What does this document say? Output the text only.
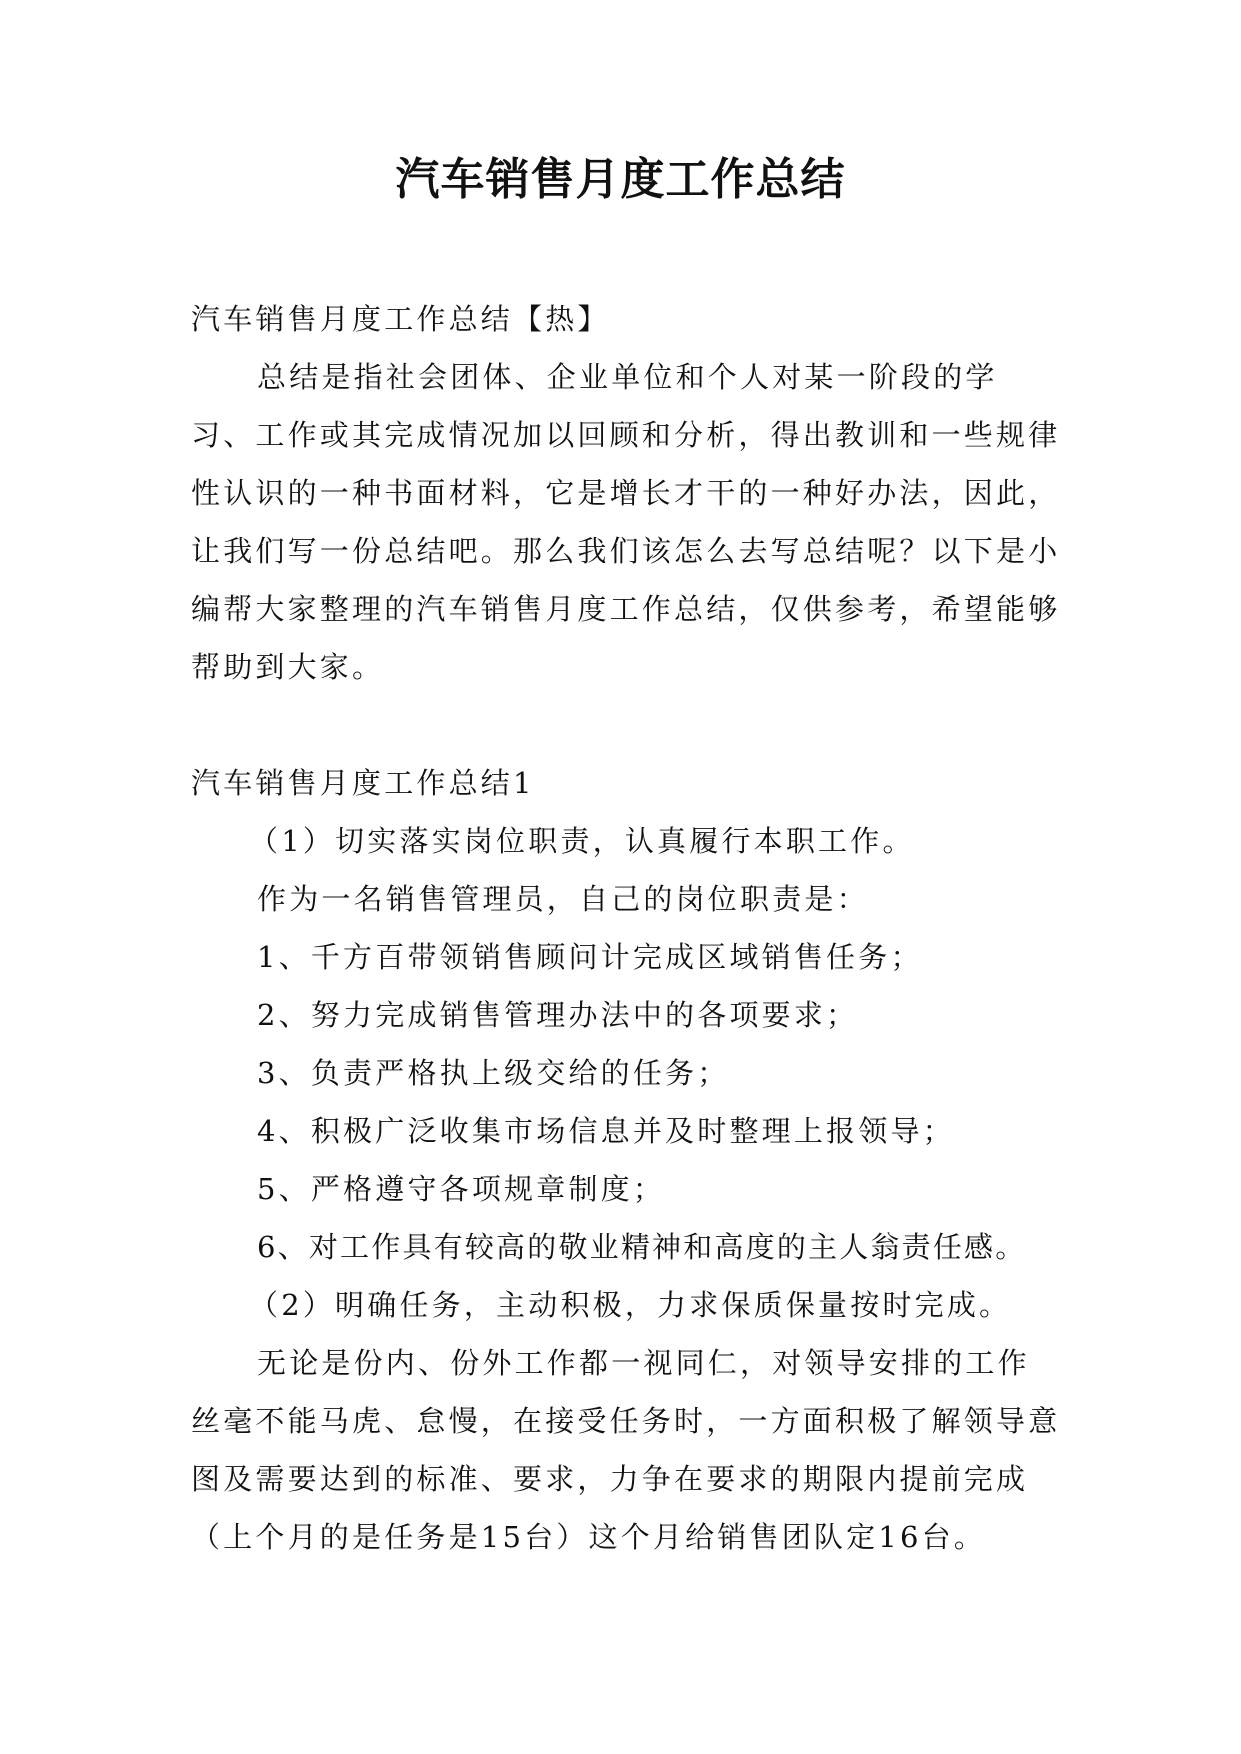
汽车销售月度工作总结

汽车销售月度工作总结【热】

总结是指社会团体、企业单位和个人对某一阶段的学习、工作或其完成情况加以回顾和分析，得出教训和一些规律性认识的一种书面材料，它是增长才干的一种好办法，因此，让我们写一份总结吧。那么我们该怎么去写总结呢？以下是小编帮大家整理的汽车销售月度工作总结，仅供参考，希望能够帮助到大家。

汽车销售月度工作总结1

（1）切实落实岗位职责，认真履行本职工作。

作为一名销售管理员，自己的岗位职责是：

1、千方百带领销售顾问计完成区域销售任务；

2、努力完成销售管理办法中的各项要求；

3、负责严格执上级交给的任务；

4、积极广泛收集市场信息并及时整理上报领导；

5、严格遵守各项规章制度；

6、对工作具有较高的敬业精神和高度的主人翁责任感。

（2）明确任务，主动积极，力求保质保量按时完成。

无论是份内、份外工作都一视同仁，对领导安排的工作丝毫不能马虎、怠慢，在接受任务时，一方面积极了解领导意图及需要达到的标准、要求，力争在要求的期限内提前完成（上个月的是任务是15台）这个月给销售团队定16台。
